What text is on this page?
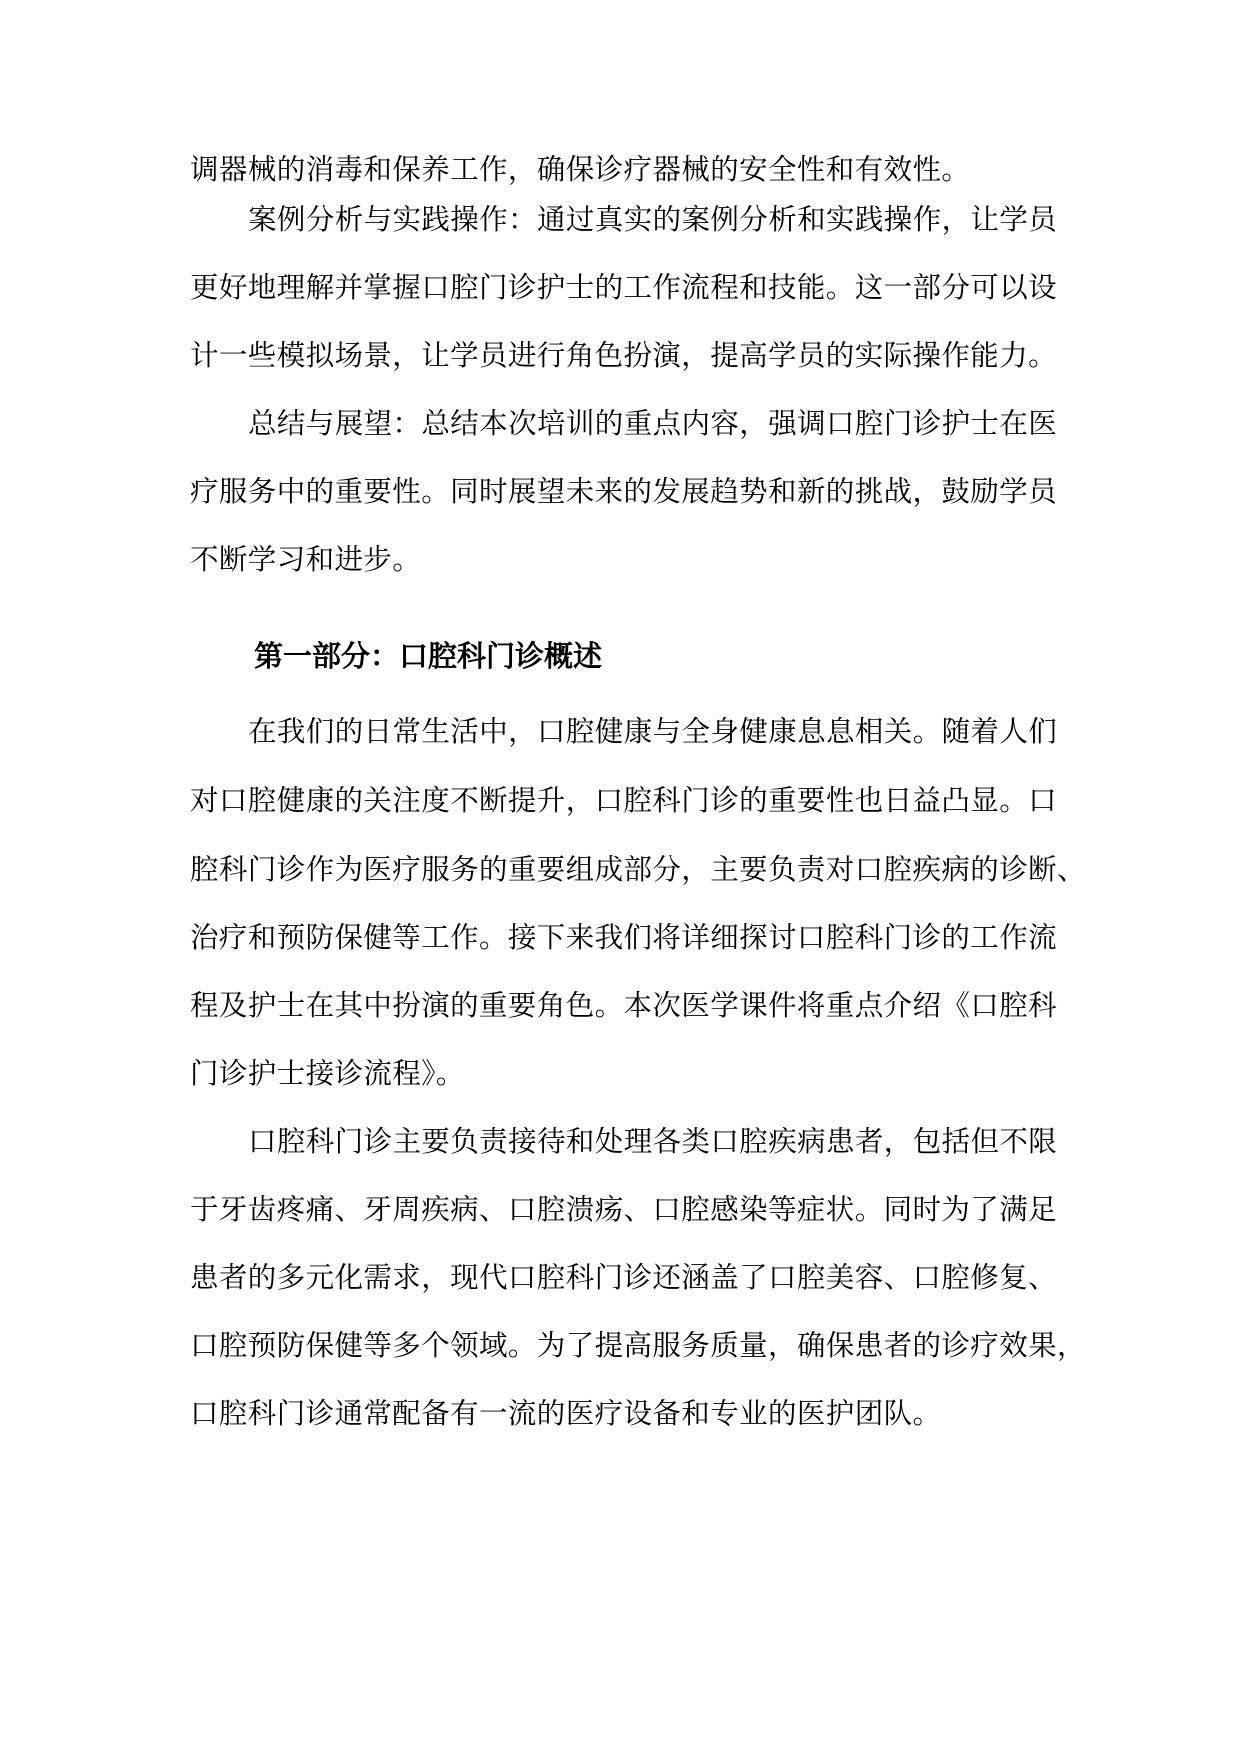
调器械的消毒和保养工作，确保诊疗器械的安全性和有效性。

案例分析与实践操作：通过真实的案例分析和实践操作，让学员

更好地理解并掌握口腔门诊护士的工作流程和技能。这一部分可以设

计一些模拟场景，让学员进行角色扮演，提高学员的实际操作能力。

总结与展望：总结本次培训的重点内容，强调口腔门诊护士在医

疗服务中的重要性。同时展望未来的发展趋势和新的挑战，鼓励学员

不断学习和进步。

第一部分：口腔科门诊概述

在我们的日常生活中，口腔健康与全身健康息息相关。随着人们

对口腔健康的关注度不断提升，口腔科门诊的重要性也日益凸显。口

腔科门诊作为医疗服务的重要组成部分，主要负责对口腔疾病的诊断、

治疗和预防保健等工作。接下来我们将详细探讨口腔科门诊的工作流

程及护士在其中扮演的重要角色。本次医学课件将重点介绍《口腔科

门诊护士接诊流程》。

口腔科门诊主要负责接待和处理各类口腔疾病患者，包括但不限

于牙齿疼痛、牙周疾病、口腔溃疡、口腔感染等症状。同时为了满足

患者的多元化需求，现代口腔科门诊还涵盖了口腔美容、口腔修复、

口腔预防保健等多个领域。为了提高服务质量，确保患者的诊疗效果，

口腔科门诊通常配备有一流的医疗设备和专业的医护团队。
